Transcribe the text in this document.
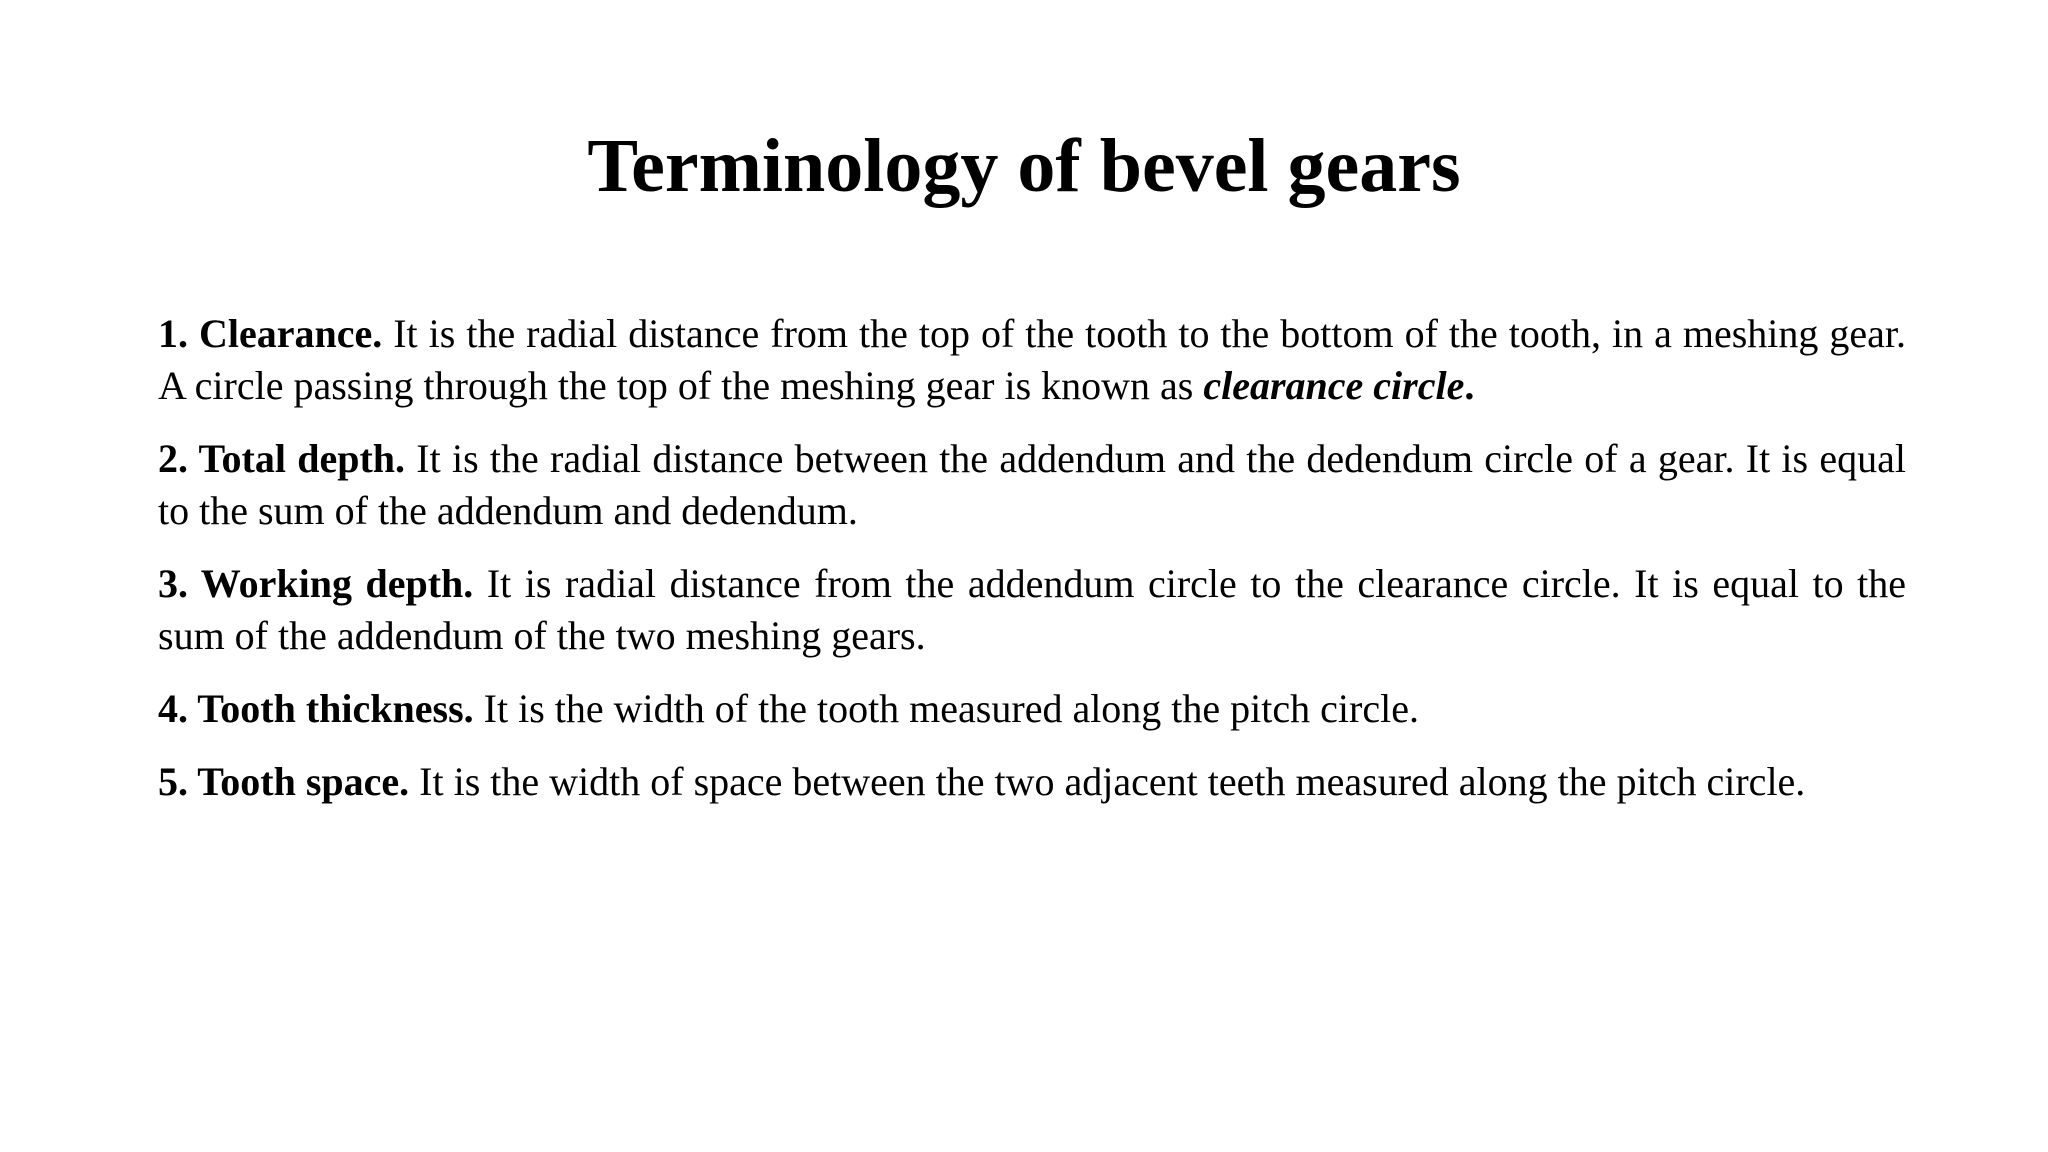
Terminology of bevel gears
1. Clearance. It is the radial distance from the top of the tooth to the bottom of the tooth, in a meshing gear. A circle passing through the top of the meshing gear is known as clearance circle.
2. Total depth. It is the radial distance between the addendum and the dedendum circle of a gear. It is equal to the sum of the addendum and dedendum.
3. Working depth. It is radial distance from the addendum circle to the clearance circle. It is equal to the sum of the addendum of the two meshing gears.
4. Tooth thickness. It is the width of the tooth measured along the pitch circle.
5. Tooth space. It is the width of space between the two adjacent teeth measured along the pitch circle.
